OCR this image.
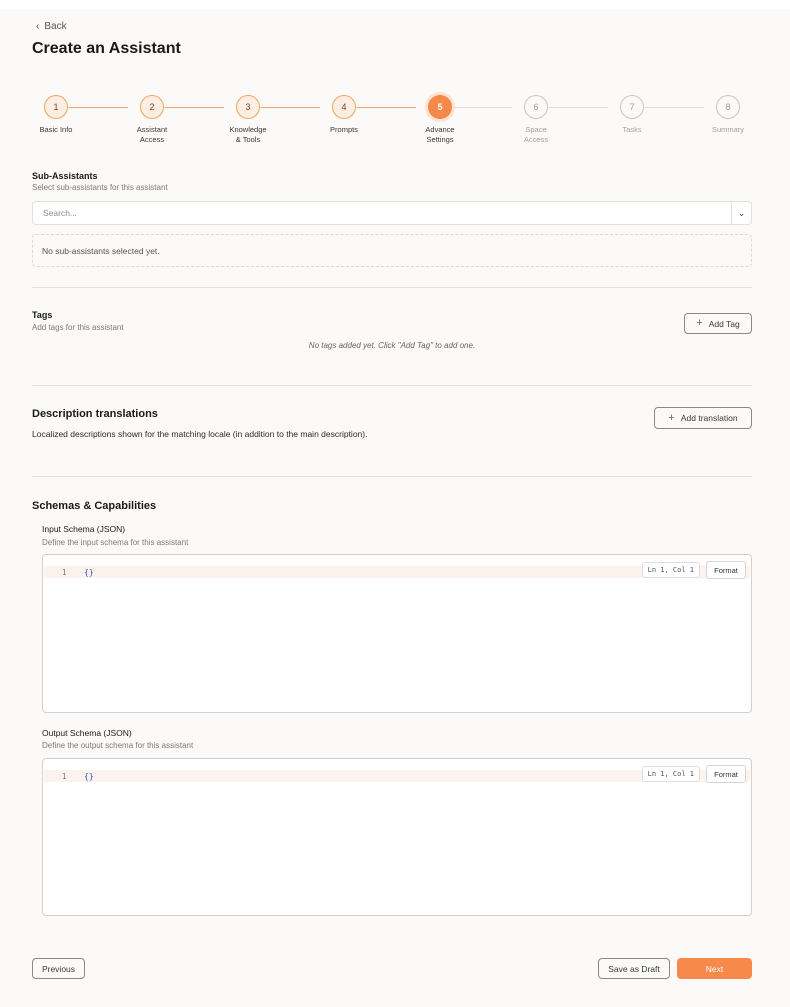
‹ Back
Create an Assistant
1
Basic Info
2
Assistant
Access
3
Knowledge
& Tools
4
Prompts
5
Advance
Settings
6
Space
Access
7
Tasks
8
Summary
Sub-Assistants
Select sub-assistants for this assistant
Search...	⌄
No sub-assistants selected yet.
Tags
Add tags for this assistant	+ Add Tag
No tags added yet. Click "Add Tag" to add one.
Description translations	+ Add translation
Localized descriptions shown for the matching locale (in addition to the main description).
Schemas & Capabilities
Input Schema (JSON)
Define the input schema for this assistant
1 {}	Ln 1, Col 1	Format
Output Schema (JSON)
Define the output schema for this assistant
1 {}	Ln 1, Col 1	Format
Previous	Save as Draft	Next
